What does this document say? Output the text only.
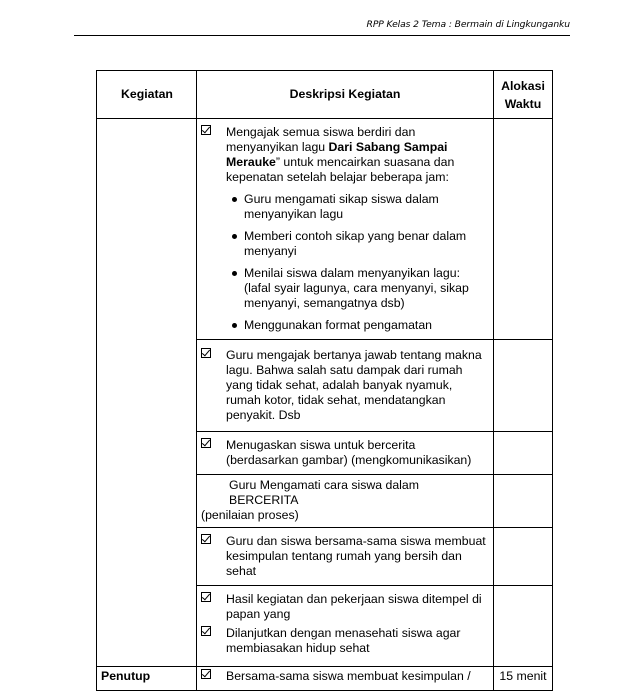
RPP Kelas 2 Tema : Bermain di Lingkunganku
Kegiatan	Deskripsi Kegiatan	Alokasi
Waktu

	Mengajak semua siswa berdiri dan menyanyikan lagu Dari Sabang Sampai Merauke” untuk mencairkan suasana dan kepenatan setelah belajar beberapa jam:
Guru mengamati sikap siswa dalam menyanyikan lagu
Memberi contoh sikap yang benar dalam menyanyi
Menilai siswa dalam menyanyikan lagu: (lafal syair lagunya, cara menyanyi, sikap menyanyi, semangatnya dsb)
Menggunakan format pengamatan	

	Guru mengajak bertanya jawab tentang makna lagu. Bahwa salah satu dampak dari rumah yang tidak sehat, adalah banyak nyamuk, rumah kotor, tidak sehat, mendatangkan penyakit. Dsb	

	Menugaskan siswa untuk bercerita (berdasarkan gambar) (mengkomunikasikan)	

	Guru Mengamati cara siswa dalam BERCERITA
(penilaian proses)	

	Guru dan siswa bersama-sama siswa membuat kesimpulan tentang rumah yang bersih dan sehat	

	Hasil kegiatan dan pekerjaan siswa ditempel di papan yang	

	Dilanjutkan dengan menasehati siswa agar membiasakan hidup sehat	

Penutup	Bersama-sama siswa membuat kesimpulan /	15 menit
